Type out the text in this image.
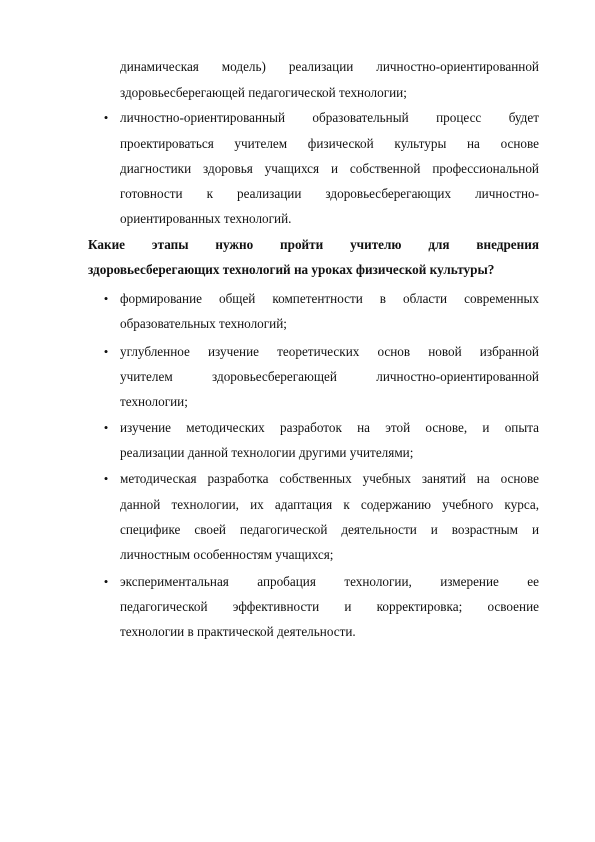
динамическая модель) реализации личностно-ориентированной
здоровьесберегающей педагогической технологии;
• личностно-ориентированный образовательный процесс будет
проектироваться учителем физической культуры на основе
диагностики здоровья учащихся и собственной профессиональной
готовности к реализации здоровьесберегающих личностно-
ориентированных технологий.
Какие этапы нужно пройти учителю для внедрения
здоровьесберегающих технологий на уроках физической культуры?
• формирование общей компетентности в области современных
образовательных технологий;
• углубленное изучение теоретических основ новой избранной
учителем здоровьесберегающей личностно-ориентированной
технологии;
• изучение методических разработок на этой основе, и опыта
реализации данной технологии другими учителями;
• методическая разработка собственных учебных занятий на основе
данной технологии, их адаптация к содержанию учебного курса,
специфике своей педагогической деятельности и возрастным и
личностным особенностям учащихся;
• экспериментальная апробация технологии, измерение ее
педагогической эффективности и корректировка; освоение
технологии в практической деятельности.
